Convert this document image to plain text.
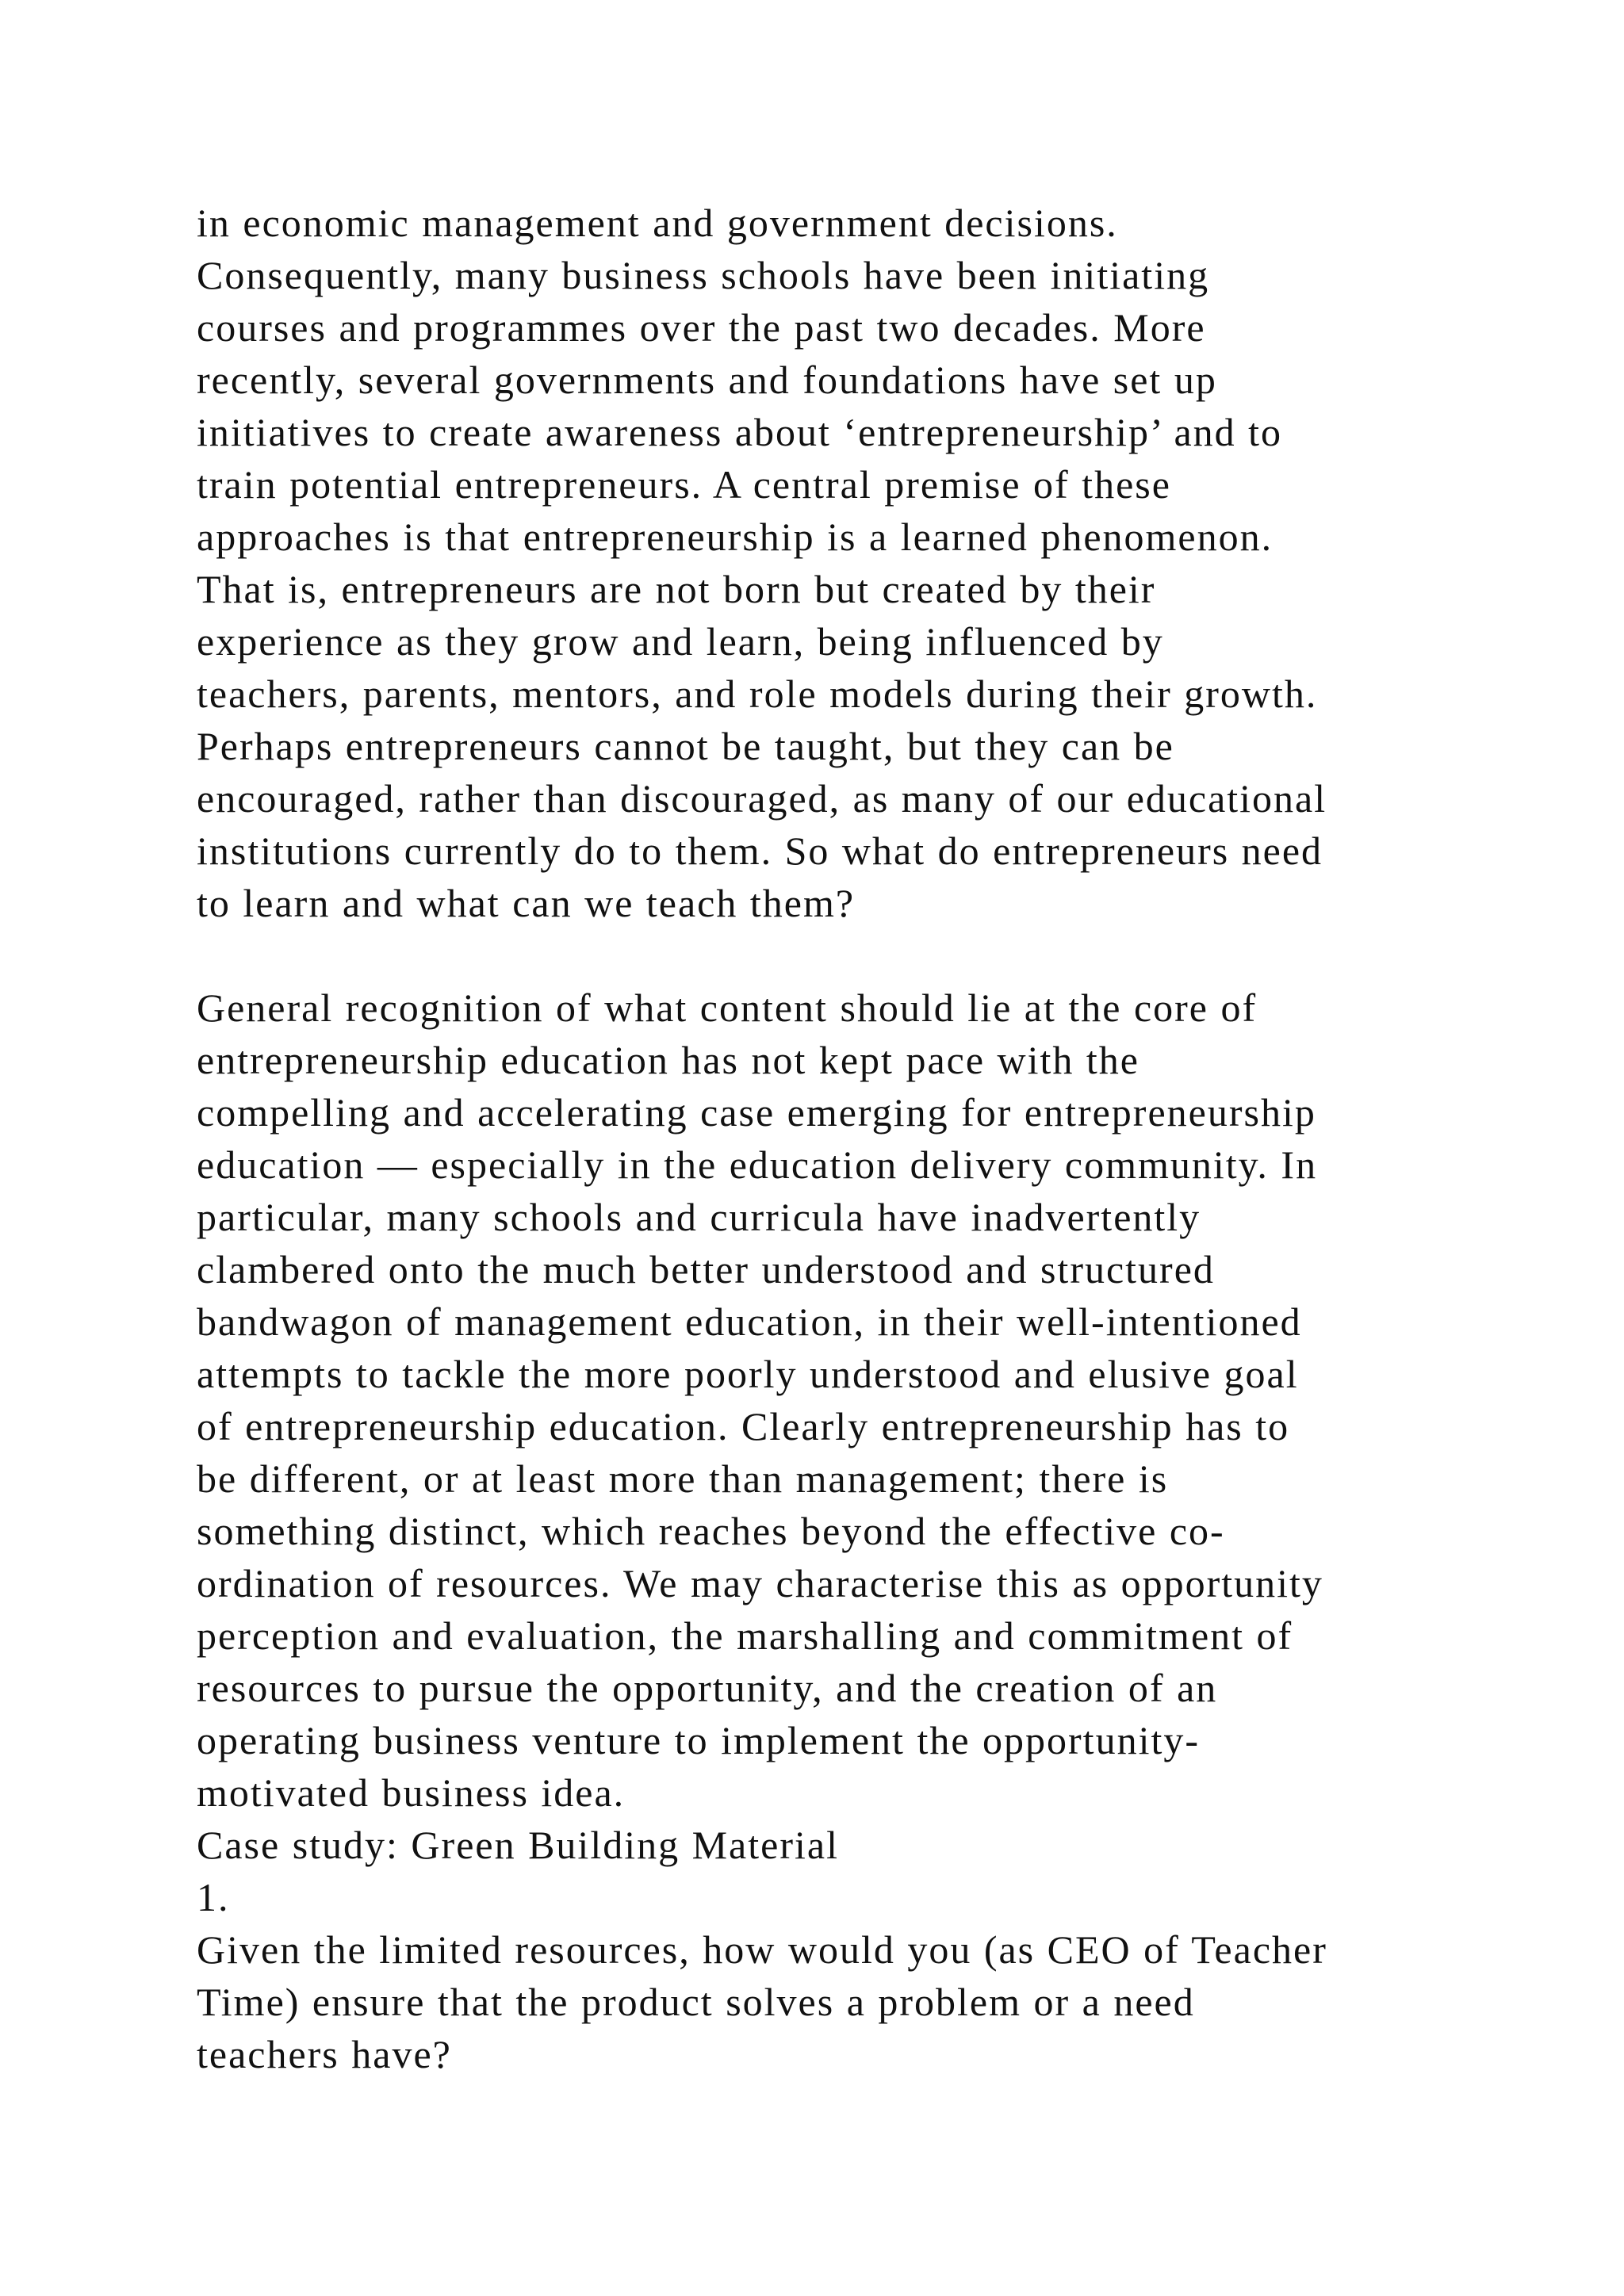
in economic management and government decisions.
Consequently, many business schools have been initiating
courses and programmes over the past two decades. More
recently, several governments and foundations have set up
initiatives to create awareness about ‘entrepreneurship’ and to
train potential entrepreneurs. A central premise of these
approaches is that entrepreneurship is a learned phenomenon.
That is, entrepreneurs are not born but created by their
experience as they grow and learn, being influenced by
teachers, parents, mentors, and role models during their growth.
Perhaps entrepreneurs cannot be taught, but they can be
encouraged, rather than discouraged, as many of our educational
institutions currently do to them. So what do entrepreneurs need
to learn and what can we teach them?
General recognition of what content should lie at the core of
entrepreneurship education has not kept pace with the
compelling and accelerating case emerging for entrepreneurship
education — especially in the education delivery community. In
particular, many schools and curricula have inadvertently
clambered onto the much better understood and structured
bandwagon of management education, in their well-intentioned
attempts to tackle the more poorly understood and elusive goal
of entrepreneurship education. Clearly entrepreneurship has to
be different, or at least more than management; there is
something distinct, which reaches beyond the effective co-
ordination of resources. We may characterise this as opportunity
perception and evaluation, the marshalling and commitment of
resources to pursue the opportunity, and the creation of an
operating business venture to implement the opportunity-
motivated business idea.
Case study: Green Building Material
1.
Given the limited resources, how would you (as CEO of Teacher
Time) ensure that the product solves a problem or a need
teachers have?
